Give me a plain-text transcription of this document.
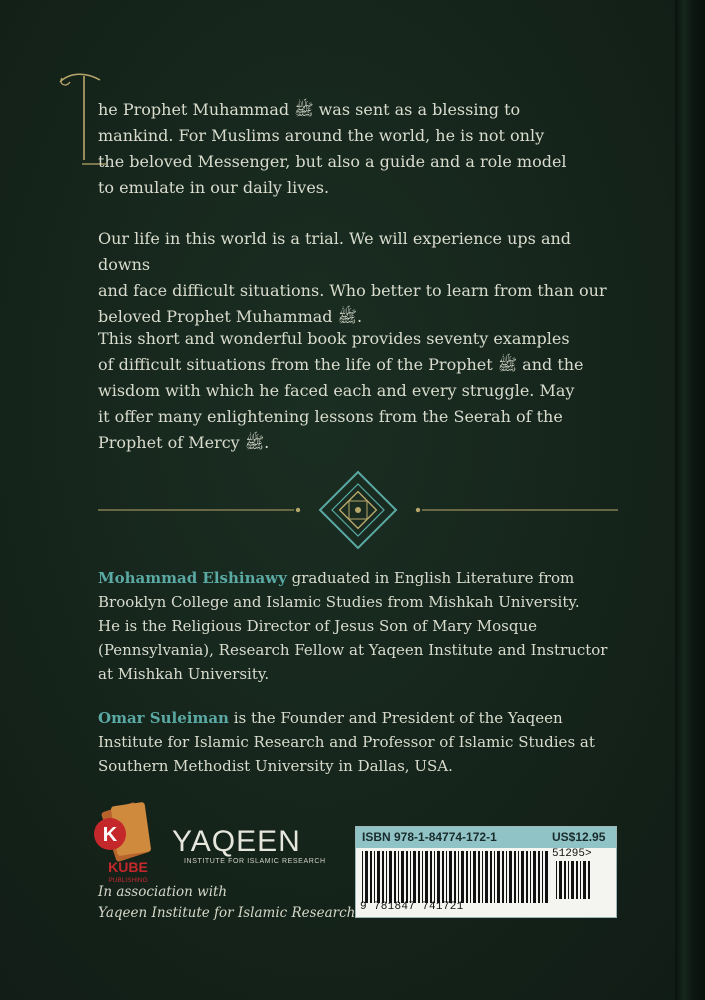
he Prophet Muhammad ﷺ was sent as a blessing to

mankind. For Muslims around the world, he is not only

the beloved Messenger, but also a guide and a role model

to emulate in our daily lives.

Our life in this world is a trial. We will experience ups and downs

and face difficult situations. Who better to learn from than our

beloved Prophet Muhammad ﷺ.

This short and wonderful book provides seventy examples

of difficult situations from the life of the Prophet ﷺ and the

wisdom with which he faced each and every struggle. May

it offer many enlightening lessons from the Seerah of the

Prophet of Mercy ﷺ.

Mohammad Elshinawy graduated in English Literature from
Brooklyn College and Islamic Studies from Mishkah University.
He is the Religious Director of Jesus Son of Mary Mosque
(Pennsylvania), Research Fellow at Yaqeen Institute and Instructor
at Mishkah University.

Omar Suleiman is the Founder and President of the Yaqeen
Institute for Islamic Research and Professor of Islamic Studies at
Southern Methodist University in Dallas, USA.

K
KUBE
PUBLISHING
YAQEEN
INSTITUTE FOR ISLAMIC RESEARCH

In association with
Yaqeen Institute for Islamic Research

ISBN 978-1-84774-172-1	US$12.95
51295>
9 781847 741721
